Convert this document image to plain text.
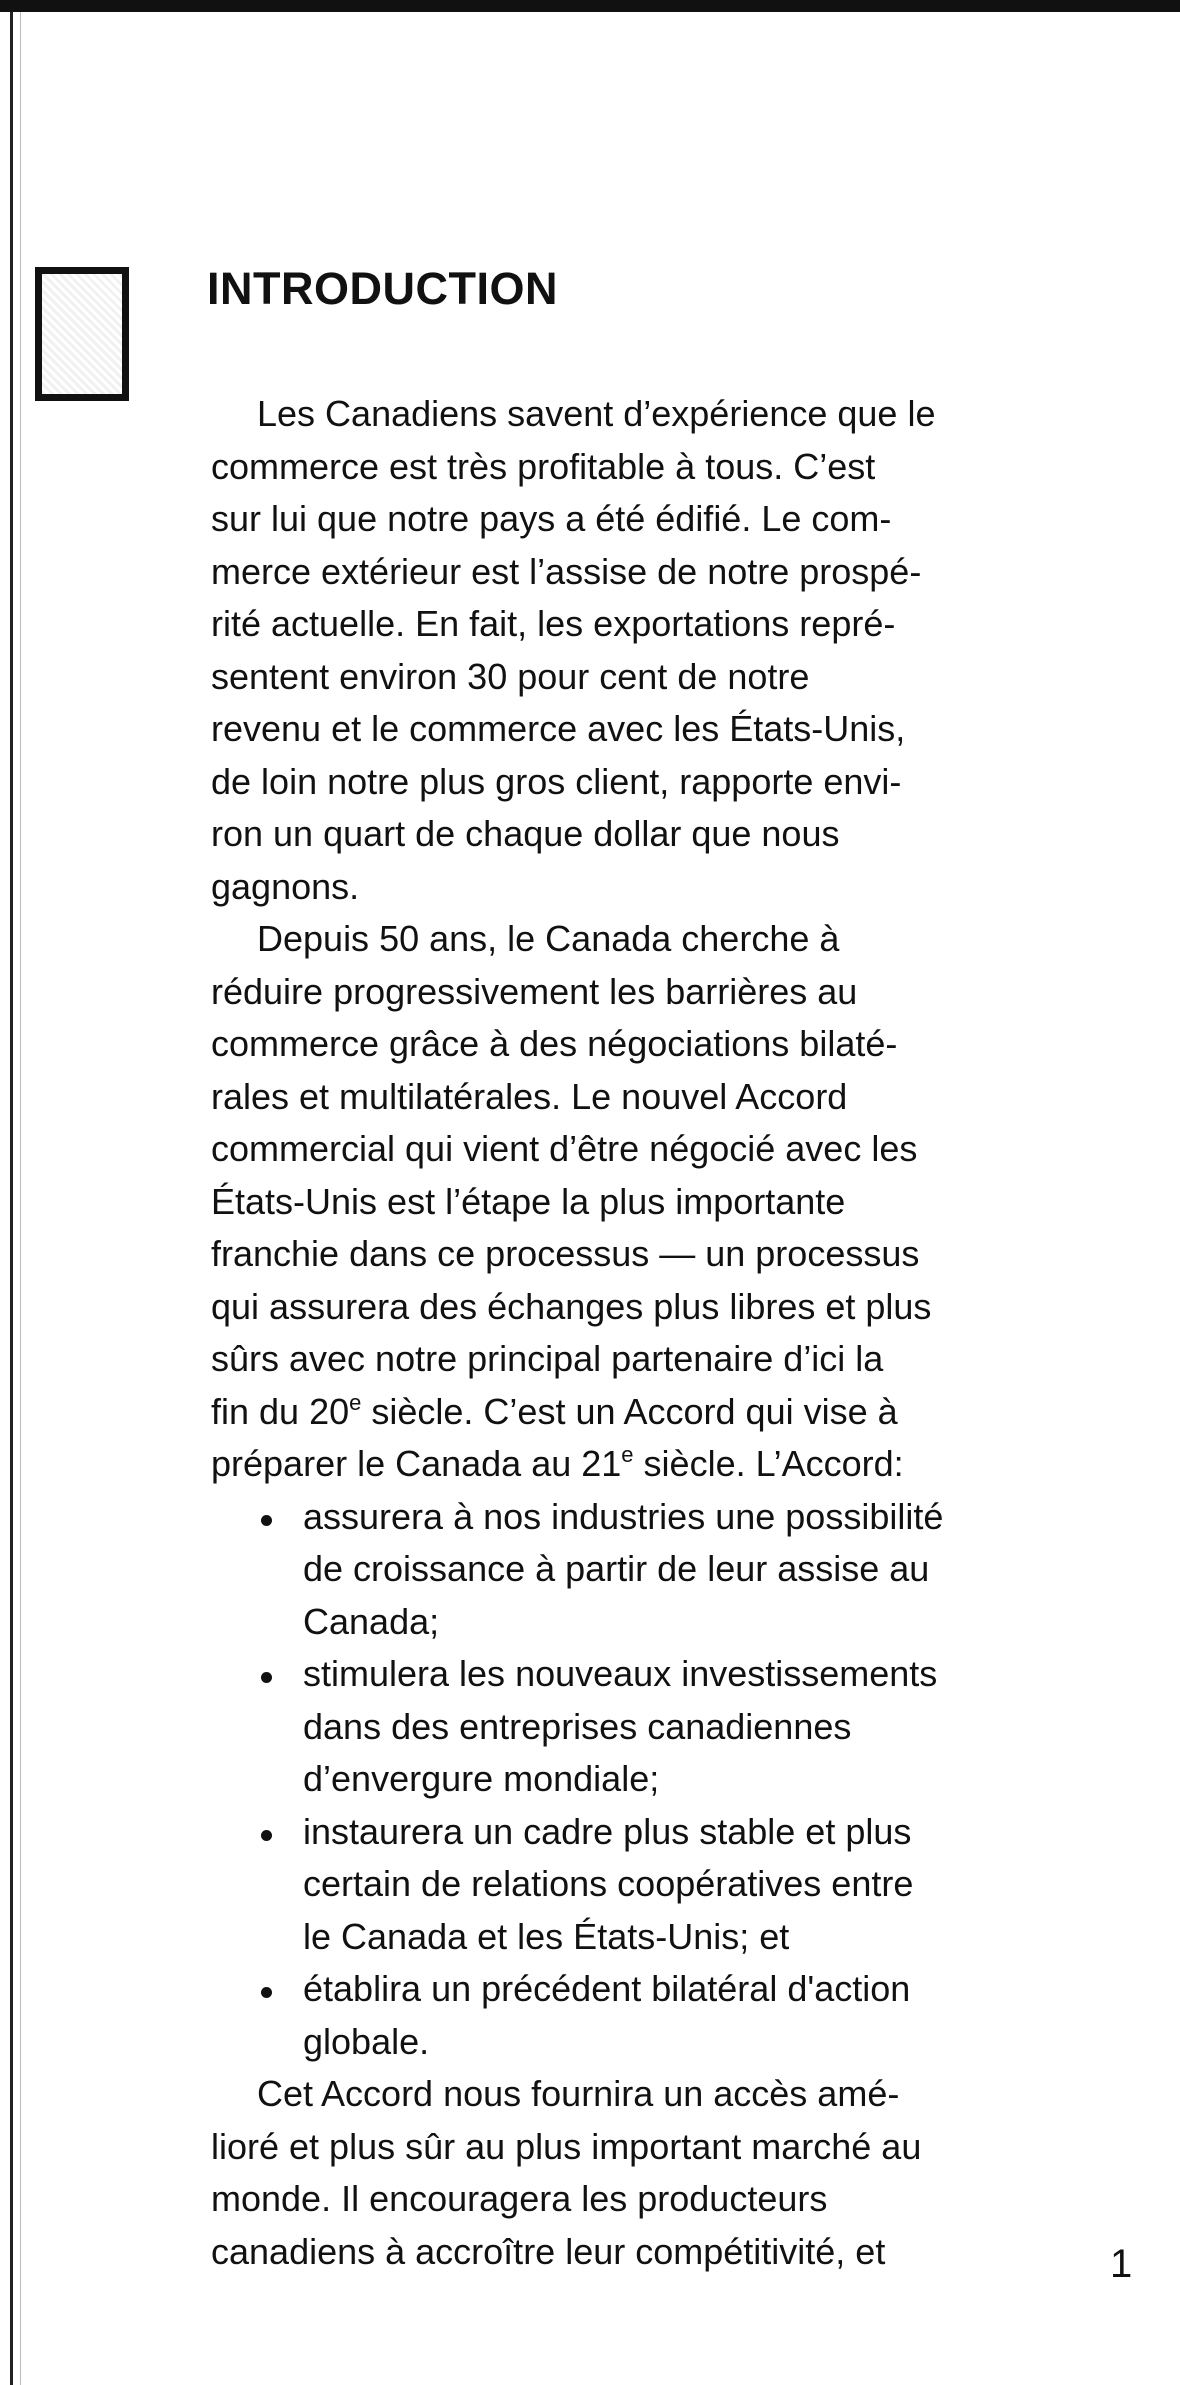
INTRODUCTION
Les Canadiens savent d’expérience que le
commerce est très profitable à tous. C’est
sur lui que notre pays a été édifié. Le com-
merce extérieur est l’assise de notre prospé-
rité actuelle. En fait, les exportations repré-
sentent environ 30 pour cent de notre
revenu et le commerce avec les États-Unis,
de loin notre plus gros client, rapporte envi-
ron un quart de chaque dollar que nous
gagnons.
Depuis 50 ans, le Canada cherche à
réduire progressivement les barrières au
commerce grâce à des négociations bilaté-
rales et multilatérales. Le nouvel Accord
commercial qui vient d’être négocié avec les
États-Unis est l’étape la plus importante
franchie dans ce processus — un processus
qui assurera des échanges plus libres et plus
sûrs avec notre principal partenaire d’ici la
fin du 20e siècle. C’est un Accord qui vise à
préparer le Canada au 21e siècle. L’Accord:
assurera à nos industries une possibilité
de croissance à partir de leur assise au
Canada;
stimulera les nouveaux investissements
dans des entreprises canadiennes
d’envergure mondiale;
instaurera un cadre plus stable et plus
certain de relations coopératives entre
le Canada et les États-Unis; et
établira un précédent bilatéral d'action
globale.
Cet Accord nous fournira un accès amé-
lioré et plus sûr au plus important marché au
monde. Il encouragera les producteurs
canadiens à accroître leur compétitivité, et	1
